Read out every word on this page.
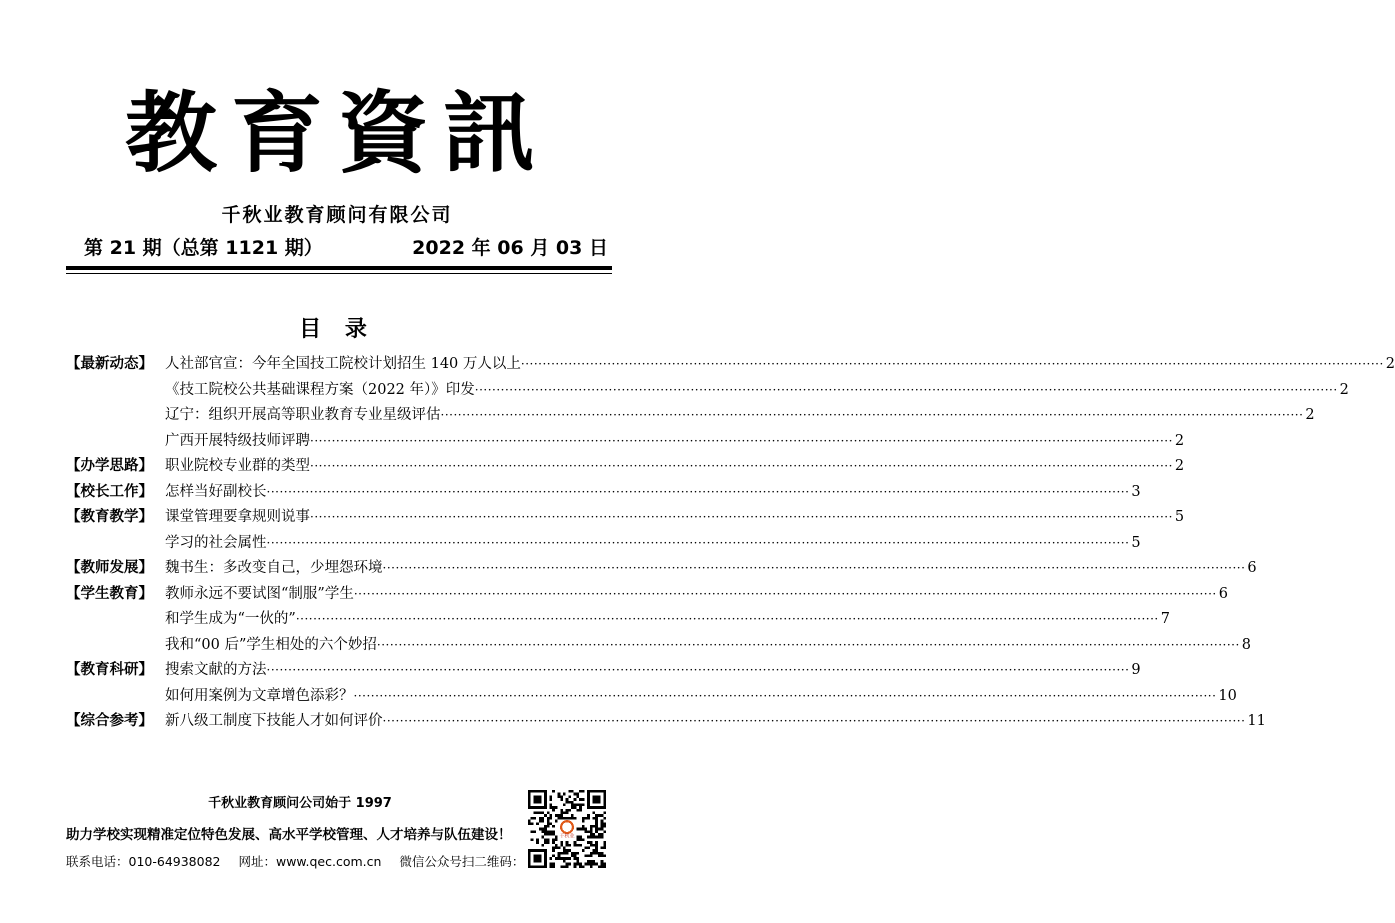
教育資訊
千秋业教育顾问有限公司
第 21 期（总第 1121 期）	2022 年 06 月 03 日
目 录
【最新动态】 人社部官宣：今年全国技工院校计划招生 140 万人以上 ········································································································································································································ 2
《技工院校公共基础课程方案（2022 年）》印发 ········································································································································································································ 2
辽宁：组织开展高等职业教育专业星级评估 ········································································································································································································ 2
广西开展特级技师评聘 ········································································································································································································ 2
【办学思路】 职业院校专业群的类型 ········································································································································································································ 2
【校长工作】 怎样当好副校长 ········································································································································································································ 3
【教育教学】 课堂管理要拿规则说事 ········································································································································································································ 5
学习的社会属性 ········································································································································································································ 5
【教师发展】 魏书生：多改变自己，少埋怨环境 ········································································································································································································ 6
【学生教育】 教师永远不要试图“制服”学生 ········································································································································································································ 6
和学生成为“一伙的” ········································································································································································································ 7
我和“00 后”学生相处的六个妙招 ········································································································································································································ 8
【教育科研】 搜索文献的方法 ········································································································································································································ 9
如何用案例为文章增色添彩？ ········································································································································································································ 10
【综合参考】 新八级工制度下技能人才如何评价 ········································································································································································································ 11
千秋业教育顾问公司始于 1997
助力学校实现精准定位特色发展、高水平学校管理、人才培养与队伍建设！
联系电话：010-64938082 网址：www.qec.com.cn 微信公众号扫二维码：
千秋业
